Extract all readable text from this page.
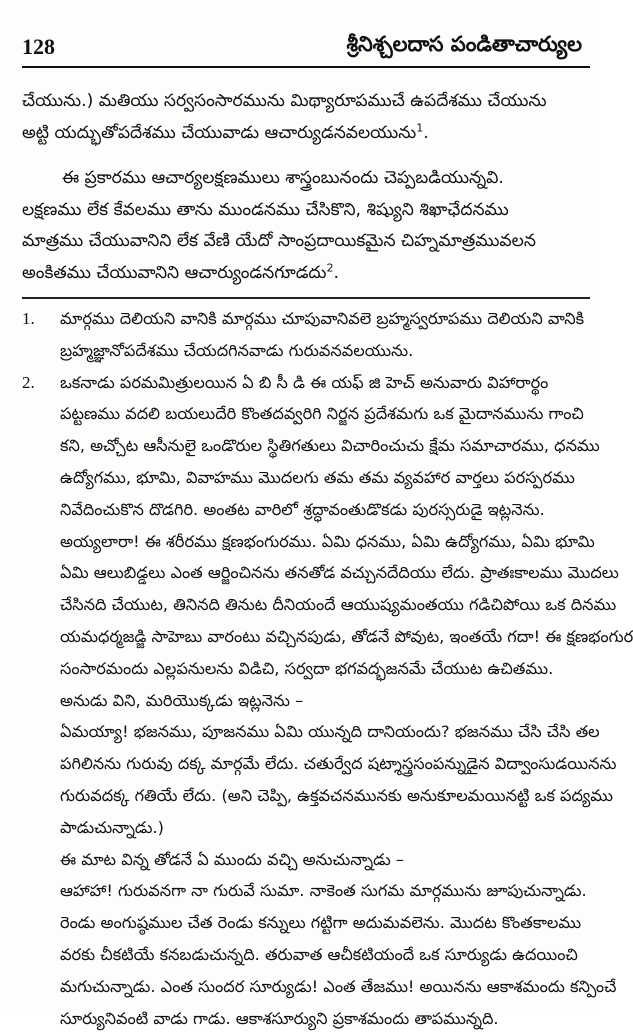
128	శ్రీనిశ్చలదాస పండితాచార్యుల
చేయును.) మతియు సర్వసంసారమును మిథ్యారూపముచే ఉపదేశము చేయును
అట్టి యద్భుతోపదేశము చేయువాడు ఆచార్యుడనవలయును$^1$.
ఈ ప్రకారము ఆచార్యలక్షణములు శాస్త్రంబునందు చెప్పబడియున్నవి.
లక్షణము లేక కేవలము తాను ముండనము చేసికొని, శిష్యుని శిఖాఛేదనము
మాత్రము చేయువానిని లేక వేణి యేదో సాంప్రదాయికమైన చిహ్నమాత్రమువలన
అంకితము చేయువానిని ఆచార్యుండనగూడదు$^2$.
1. మార్గము దెలియని వానికి మార్గము చూపువానివలె బ్రహ్మస్వరూపము దెలియని వానికి
బ్రహ్మజ్ఞానోపదేశము చేయదగినవాడు గురువనవలయును.
2. ఒకనాడు పరమమిత్రులయిన ఏ బి సీ డి ఈ యఫ్ జి హెచ్ అనువారు విహారార్థం
పట్టణము వదలి బయలుదేరి కొంతదవ్వరిగి నిర్జన ప్రదేశమగు ఒక మైదానమును గాంచి
కని, అచ్చోట ఆసీనులై ఒండొరుల స్థితిగతులు విచారించుచు క్షేమ సమాచారము, ధనము
ఉద్యోగము, భూమి, వివాహము మొదలగు తమ తమ వ్యవహార వార్తలు పరస్పరము
నివేదించుకొన దొడగిరి. అంతట వారిలో శ్రద్ధావంతుడొకడు పురస్సరుడై ఇట్లనెను.
అయ్యలారా! ఈ శరీరము క్షణభంగురము. ఏమి ధనము, ఏమి ఉద్యోగము, ఏమి భూమి
ఏమి ఆలుబిడ్డలు ఎంత ఆర్జించినను తనతోడ వచ్చునదేదియు లేదు. ప్రాతఃకాలము మొదలు
చేసినది చేయుట, తినినది తినుట దీనియందే ఆయుష్యమంతయు గడిచిపోయి ఒక దినము
యమధర్మజడ్జి సాహెబు వారంటు వచ్చినపుడు, తోడనే పోవుట, ఇంతయే గదా! ఈ క్షణభంగుర
సంసారమందు ఎల్లపనులను విడిచి, సర్వదా భగవద్భజనమే చేయుట ఉచితము.
అనుడు విని, మరియొక్కడు ఇట్లనెను –
ఏమయ్యా! భజనము, పూజనము ఏమి యున్నది దానియందు? భజనము చేసి చేసి తల
పగిలినను గురువు దక్క మార్గమే లేదు. చతుర్వేద షట్శాస్త్రసంపన్నుడైన విద్వాంసుడయినను
గురువదక్క గతియే లేదు. (అని చెప్పి, ఉక్తవచనమునకు అనుకూలమయినట్టి ఒక పద్యము
పాడుచున్నాడు.)
ఈ మాట విన్న తోడనే ఏ ముందు వచ్చి అనుచున్నాడు –
ఆహాహా! గురువనగా నా గురువే సుమా. నాకెంత సుగమ మార్గమును జూపుచున్నాడు.
రెండు అంగుష్ఠముల చేత రెండు కన్నులు గట్టిగా అదుమవలెను. మొదట కొంతకాలము
వరకు చీకటియే కనబడుచున్నది. తరువాత ఆచీకటియందే ఒక సూర్యుడు ఉదయించి
మగుచున్నాడు. ఎంత సుందర సూర్యుడు! ఎంత తేజము! అయినను ఆకాశమందు కన్పించే
సూర్యునివంటి వాడు గాడు. ఆకాశసూర్యుని ప్రకాశమందు తాపమున్నది.
